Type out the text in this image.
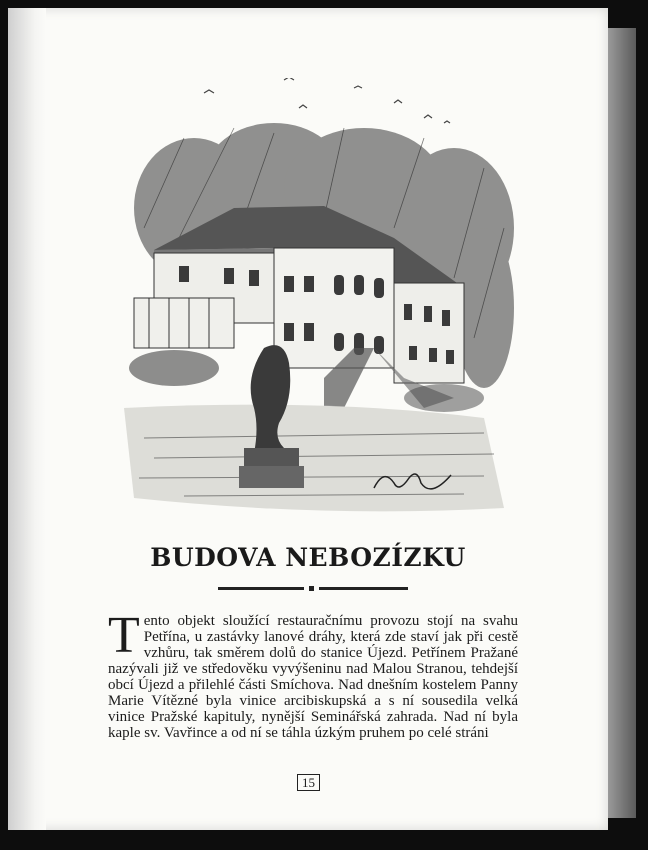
BUDOVA NEBOZÍZKU
Tento objekt sloužící restauračnímu provozu stojí na svahu Petřína, u zastávky lanové dráhy, která zde staví jak při cestě vzhůru, tak směrem dolů do stanice Újezd. Petřínem Pražané nazývali již ve středověku vyvýšeninu nad Malou Stranou, tehdejší obcí Újezd a přilehlé části Smíchova. Nad dnešním kostelem Panny Marie Vítězné byla vinice arcibiskupská a s ní sousedila velká vinice Pražské kapituly, nynější Seminářská zahrada. Nad ní byla kaple sv. Vavřince a od ní se táhla úzkým pruhem po celé stráni
15
